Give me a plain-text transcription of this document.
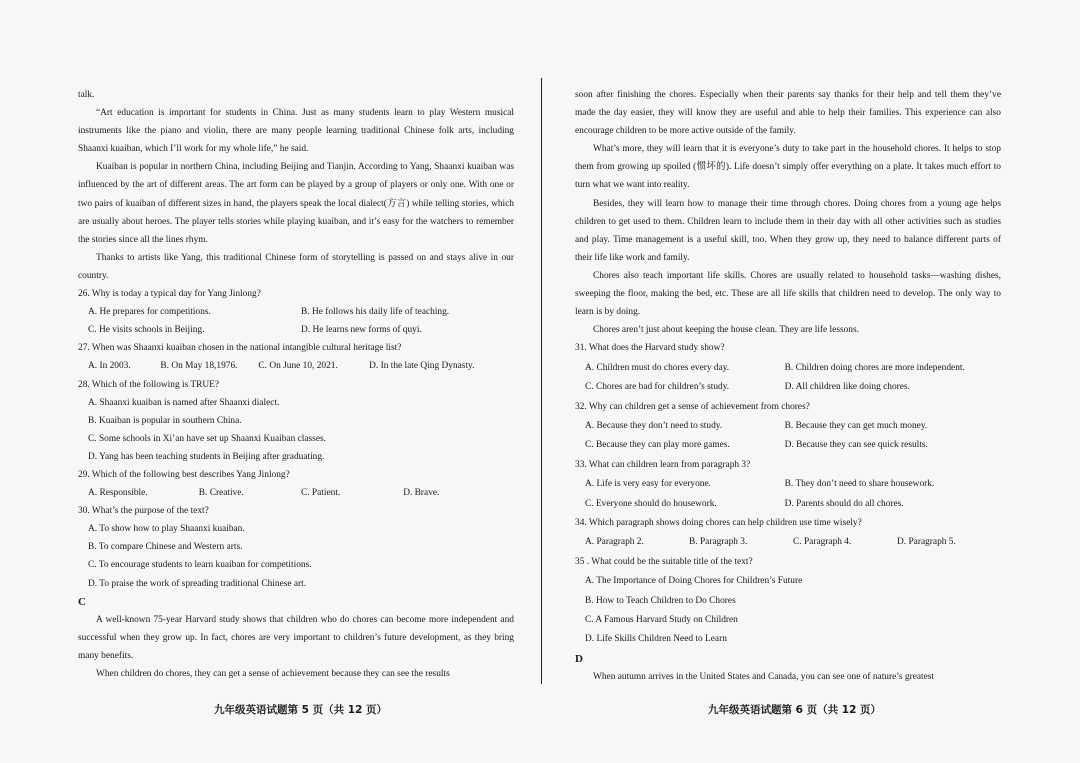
talk.

“Art education is important for students in China. Just as many students learn to play Western musical instruments like the piano and violin, there are many people learning traditional Chinese folk arts, including Shaanxi kuaiban, which I’ll work for my whole life,” he said.

Kuaiban is popular in northern China, including Beijing and Tianjin. According to Yang, Shaanxi kuaiban was influenced by the art of different areas. The art form can be played by a group of players or only one. With one or two pairs of kuaiban of different sizes in hand, the players speak the local dialect(方言) while telling stories, which are usually about heroes. The player tells stories while playing kuaiban, and it’s easy for the watchers to remember the stories since all the lines rhym.

Thanks to artists like Yang, this traditional Chinese form of storytelling is passed on and stays alive in our country.

26. Why is today a typical day for Yang Jinlong?

A. He prepares for competitions.	B. He follows his daily life of teaching.
C. He visits schools in Beijing.	D. He learns new forms of quyi.

27. When was Shaanxi kuaiban chosen in the national intangible cultural heritage list?

A. In 2003.	B. On May 18,1976.	C. On June 10, 2021.	D. In the late Qing Dynasty.

28. Which of the following is TRUE?

A. Shaanxi kuaiban is named after Shaanxi dialect.

B. Kuaiban is popular in southern China.

C. Some schools in Xi’an have set up Shaanxi Kuaiban classes.

D. Yang has been teaching students in Beijing after graduating.

29. Which of the following best describes Yang Jinlong?

A. Responsible.	B. Creative.	C. Patient.	D. Brave.

30. What’s the purpose of the text?

A. To show how to play Shaanxi kuaiban.

B. To compare Chinese and Western arts.

C. To encourage students to learn kuaiban for competitions.

D. To praise the work of spreading traditional Chinese art.

C

A well-known 75-year Harvard study shows that children who do chores can become more independent and successful when they grow up. In fact, chores are very important to children’s future development, as they bring many benefits.

When children do chores, they can get a sense of achievement because they can see the results

soon after finishing the chores. Especially when their parents say thanks for their help and tell them they’ve made the day easier, they will know they are useful and able to help their families. This experience can also encourage children to be more active outside of the family.

What’s more, they will learn that it is everyone’s duty to take part in the household chores. It helps to stop them from growing up spoiled (惯坏的). Life doesn’t simply offer everything on a plate. It takes much effort to turn what we want into reality.

Besides, they will learn how to manage their time through chores. Doing chores from a young age helps children to get used to them. Children learn to include them in their day with all other activities such as studies and play. Time management is a useful skill, too. When they grow up, they need to balance different parts of their life like work and family.

Chores also teach important life skills. Chores are usually related to household tasks—washing dishes, sweeping the floor, making the bed, etc. These are all life skills that children need to develop. The only way to learn is by doing.

Chores aren’t just about keeping the house clean. They are life lessons.

31. What does the Harvard study show?

A. Children must do chores every day.	B. Children doing chores are more independent.
C. Chores are bad for children’s study.	D. All children like doing chores.

32. Why can children get a sense of achievement from chores?

A. Because they don’t need to study.	B. Because they can get much money.
C. Because they can play more games.	D. Because they can see quick results.

33. What can children learn from paragraph 3?

A. Life is very easy for everyone.	B. They don’t need to share housework.
C. Everyone should do housework.	D. Parents should do all chores.

34. Which paragraph shows doing chores can help children use time wisely?

A. Paragraph 2.	B. Paragraph 3.	C. Paragraph 4.	D. Paragraph 5.

35 . What could be the suitable title of the text?

A. The Importance of Doing Chores for Children’s Future

B. How to Teach Children to Do Chores

C. A Famous Harvard Study on Children

D. Life Skills Children Need to Learn

D

When autumn arrives in the United States and Canada, you can see one of nature’s greatest

九年级英语试题第 5 页（共 12 页）	九年级英语试题第 6 页（共 12 页）
